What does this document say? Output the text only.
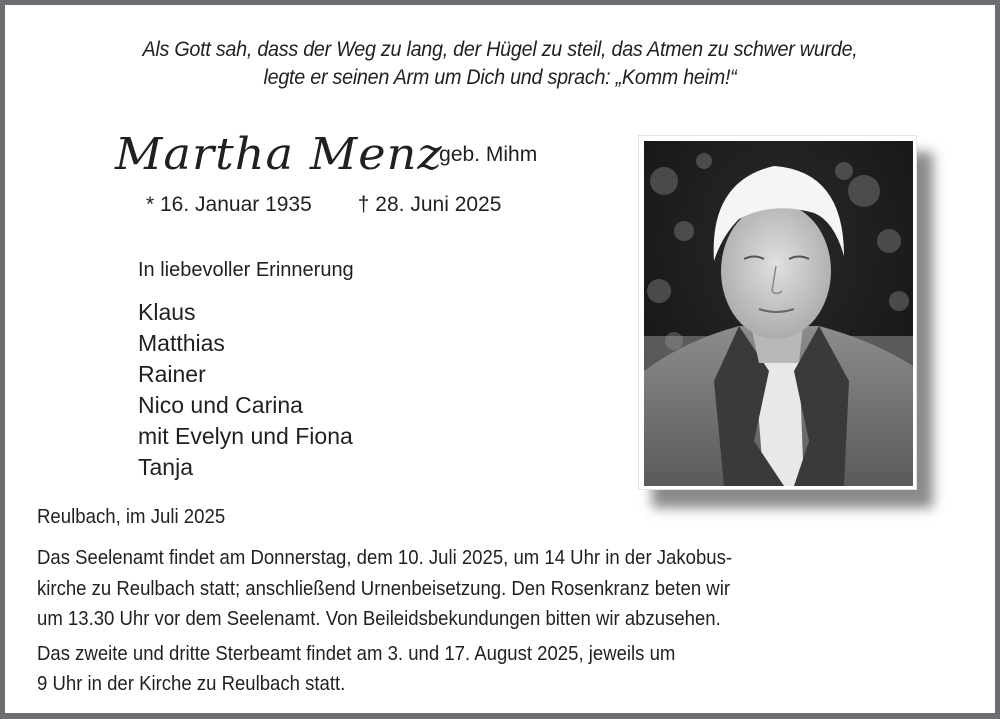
Als Gott sah, dass der Weg zu lang, der Hügel zu steil, das Atmen zu schwer wurde,
legte er seinen Arm um Dich und sprach: „Komm heim!“
Martha Menzgeb. Mihm
* 16. Januar 1935 † 28. Juni 2025
In liebevoller Erinnerung
Klaus
Matthias
Rainer
Nico und Carina
mit Evelyn und Fiona
Tanja
Reulbach, im Juli 2025

Das Seelenamt findet am Donnerstag, dem 10. Juli 2025, um 14 Uhr in der Jakobus-
kirche zu Reulbach statt; anschließend Urnenbeisetzung. Den Rosenkranz beten wir
um 13.30 Uhr vor dem Seelenamt. Von Beileidsbekundungen bitten wir abzusehen.

Das zweite und dritte Sterbeamt findet am 3. und 17. August 2025, jeweils um
9 Uhr in der Kirche zu Reulbach statt.
